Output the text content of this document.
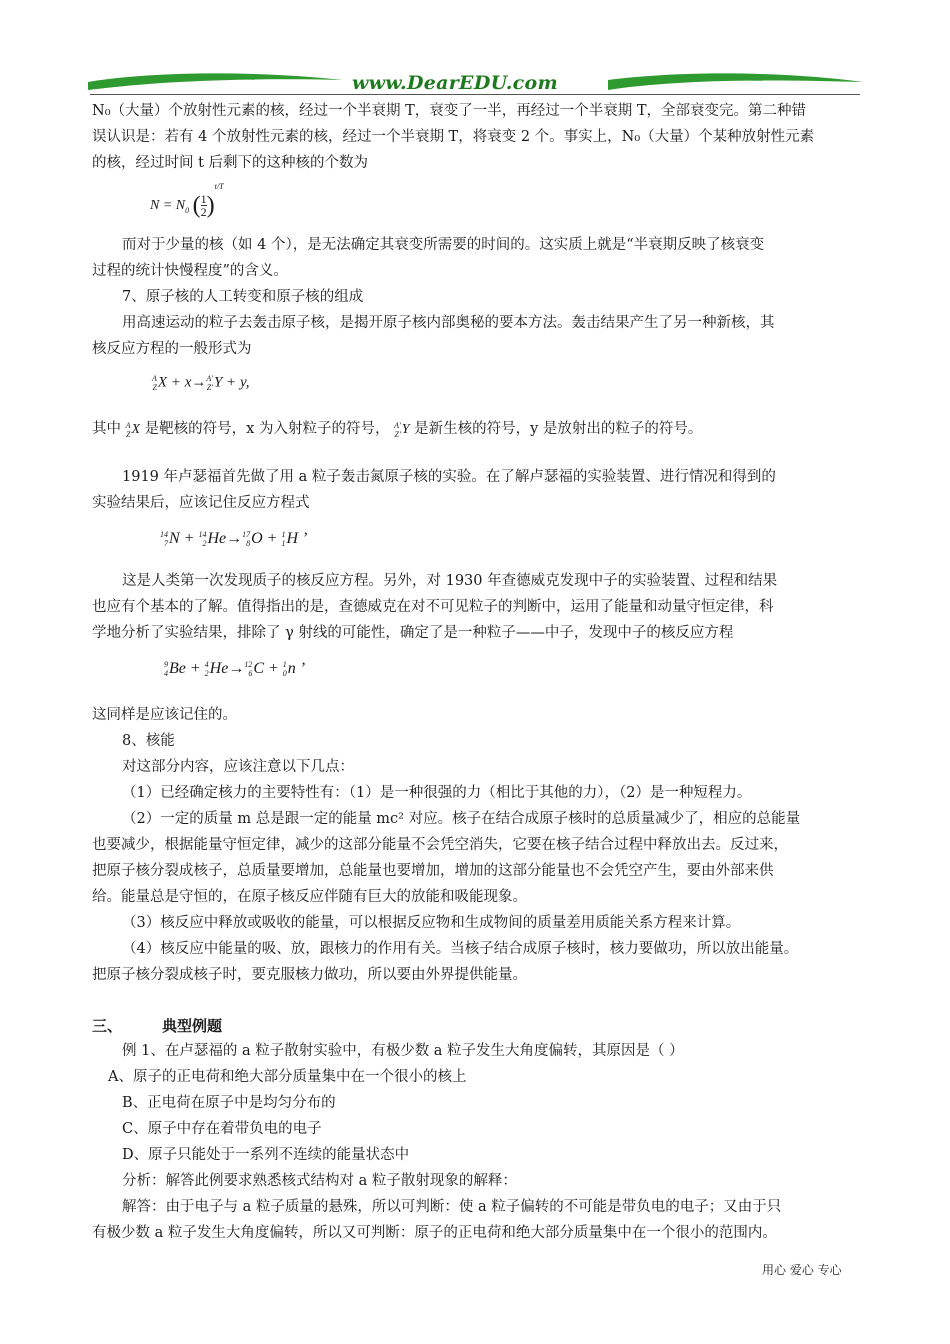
www.DearEDU.com
N₀（大量）个放射性元素的核，经过一个半衰期 T，衰变了一半，再经过一个半衰期 T，全部衰变完。第二种错
误认识是：若有 4 个放射性元素的核，经过一个半衰期 T，将衰变 2 个。事实上，N₀（大量）个某种放射性元素
的核，经过时间 t 后剩下的这种核的个数为
$N = N_0$ ( $\frac{1}{2} )^{t/T}$
而对于少量的核（如 4 个），是无法确定其衰变所需要的时间的。这实质上就是“半衰期反映了核衰变
过程的统计快慢程度”的含义。
7、原子核的人工转变和原子核的组成
用高速运动的粒子去轰击原子核，是揭开原子核内部奥秘的要本方法。轰击结果产生了另一种新核，其
核反应方程的一般形式为
A
ZX + x→A'
Z'Y + y,
其中 A
ZX 是靶核的符号，x 为入射粒子的符号， A'
Z'Y 是新生核的符号，y 是放射出的粒子的符号。
1919 年卢瑟福首先做了用 a 粒子轰击氮原子核的实验。在了解卢瑟福的实验装置、进行情况和得到的
实验结果后，应该记住反应方程式
14
7N + 14
2He→17
8O + 1
1H ’
这是人类第一次发现质子的核反应方程。另外，对 1930 年查德威克发现中子的实验装置、过程和结果
也应有个基本的了解。值得指出的是，查德威克在对不可见粒子的判断中，运用了能量和动量守恒定律，科
学地分析了实验结果，排除了 γ 射线的可能性，确定了是一种粒子——中子，发现中子的核反应方程
9
4Be + 4
2He→12
6C + 1
0n ’
这同样是应该记住的。
8、核能
对这部分内容，应该注意以下几点：
（1）已经确定核力的主要特性有：（1）是一种很强的力（相比于其他的力），（2）是一种短程力。
（2）一定的质量 m 总是跟一定的能量 mc² 对应。核子在结合成原子核时的总质量减少了，相应的总能量
也要减少，根据能量守恒定律，减少的这部分能量不会凭空消失，它要在核子结合过程中释放出去。反过来，
把原子核分裂成核子，总质量要增加，总能量也要增加，增加的这部分能量也不会凭空产生，要由外部来供
给。能量总是守恒的，在原子核反应伴随有巨大的放能和吸能现象。
（3）核反应中释放或吸收的能量，可以根据反应物和生成物间的质量差用质能关系方程来计算。
（4）核反应中能量的吸、放，跟核力的作用有关。当核子结合成原子核时，核力要做功，所以放出能量。
把原子核分裂成核子时，要克服核力做功，所以要由外界提供能量。
三、	典型例题
例 1、在卢瑟福的 a 粒子散射实验中，有极少数 a 粒子发生大角度偏转，其原因是（ ）
A、原子的正电荷和绝大部分质量集中在一个很小的核上
B、正电荷在原子中是均匀分布的
C、原子中存在着带负电的电子
D、原子只能处于一系列不连续的能量状态中
分析：解答此例要求熟悉核式结构对 a 粒子散射现象的解释：
解答：由于电子与 a 粒子质量的悬殊，所以可判断：使 a 粒子偏转的不可能是带负电的电子；又由于只
有极少数 a 粒子发生大角度偏转，所以又可判断：原子的正电荷和绝大部分质量集中在一个很小的范围内。
用心 爱心 专心
